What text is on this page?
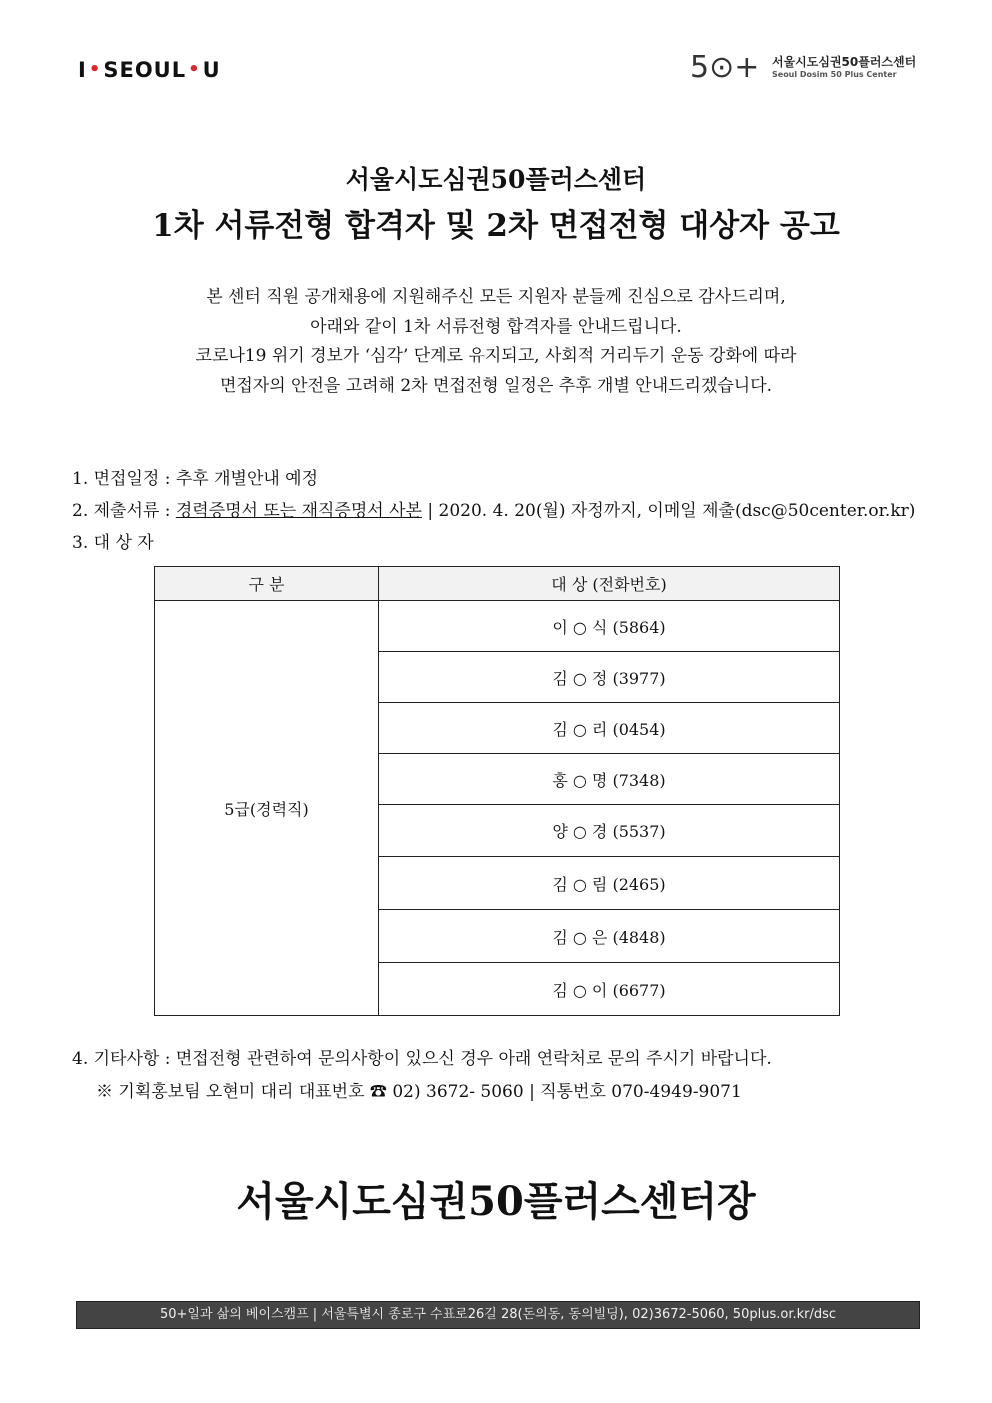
I •SEOUL •U	5⊙+ 서울시도심권50플러스센터
Seoul Dosim 50 Plus Center
서울시도심권50플러스센터
1차 서류전형 합격자 및 2차 면접전형 대상자 공고
본 센터 직원 공개채용에 지원해주신 모든 지원자 분들께 진심으로 감사드리며,
아래와 같이 1차 서류전형 합격자를 안내드립니다.
코로나19 위기 경보가 ‘심각’ 단계로 유지되고, 사회적 거리두기 운동 강화에 따라
면접자의 안전을 고려해 2차 면접전형 일정은 추후 개별 안내드리겠습니다.
1. 면접일정 : 추후 개별안내 예정
2. 제출서류 : 경력증명서 또는 재직증명서 사본 | 2020. 4. 20(월) 자정까지, 이메일 제출(dsc@50center.or.kr)
3. 대 상 자
구 분	대 상 (전화번호)
5급(경력직)	이 ○ 식 (5864)
	김 ○ 정 (3977)
	김 ○ 리 (0454)
	홍 ○ 명 (7348)
	양 ○ 경 (5537)
	김 ○ 림 (2465)
	김 ○ 은 (4848)
	김 ○ 이 (6677)
4. 기타사항 : 면접전형 관련하여 문의사항이 있으신 경우 아래 연락처로 문의 주시기 바랍니다.
※ 기획홍보팀 오현미 대리 대표번호 ☎ 02) 3672- 5060 | 직통번호 070-4949-9071
서울시도심권50플러스센터장
50+일과 삶의 베이스캠프 | 서울특별시 종로구 수표로26길 28(돈의동, 동의빌딩), 02)3672-5060, 50plus.or.kr/dsc
